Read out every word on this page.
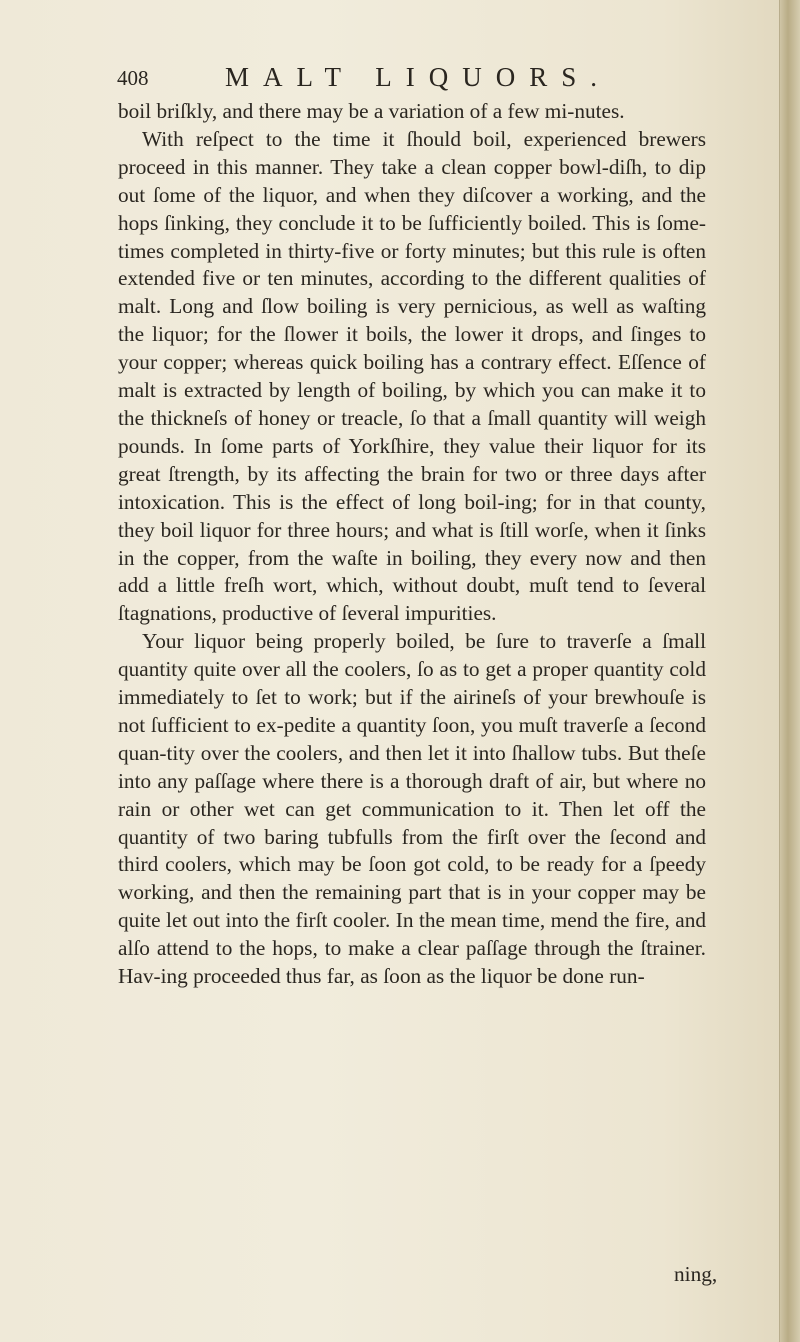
408	MALT LIQUORS.

boil briſkly, and there may be a variation of a few mi-nutes.

With reſpect to the time it ſhould boil, experienced brewers proceed in this manner. They take a clean copper bowl-diſh, to dip out ſome of the liquor, and when they diſcover a working, and the hops ſinking, they conclude it to be ſufficiently boiled. This is ſome-times completed in thirty-five or forty minutes; but this rule is often extended five or ten minutes, according to the different qualities of malt. Long and ſlow boiling is very pernicious, as well as waſting the liquor; for the ſlower it boils, the lower it drops, and ſinges to your copper; whereas quick boiling has a contrary effect. Eſſence of malt is extracted by length of boiling, by which you can make it to the thickneſs of honey or treacle, ſo that a ſmall quantity will weigh pounds. In ſome parts of Yorkſhire, they value their liquor for its great ſtrength, by its affecting the brain for two or three days after intoxication. This is the effect of long boil-ing; for in that county, they boil liquor for three hours; and what is ſtill worſe, when it ſinks in the copper, from the waſte in boiling, they every now and then add a little freſh wort, which, without doubt, muſt tend to ſeveral ſtagnations, productive of ſeveral impurities.

Your liquor being properly boiled, be ſure to traverſe a ſmall quantity quite over all the coolers, ſo as to get a proper quantity cold immediately to ſet to work; but if the airineſs of your brewhouſe is not ſufficient to ex-pedite a quantity ſoon, you muſt traverſe a ſecond quan-tity over the coolers, and then let it into ſhallow tubs. But theſe into any paſſage where there is a thorough draft of air, but where no rain or other wet can get communication to it. Then let off the quantity of two baring tubfulls from the firſt over the ſecond and third coolers, which may be ſoon got cold, to be ready for a ſpeedy working, and then the remaining part that is in your copper may be quite let out into the firſt cooler. In the mean time, mend the fire, and alſo attend to the hops, to make a clear paſſage through the ſtrainer. Hav-ing proceeded thus far, as ſoon as the liquor be done run-

ning,
